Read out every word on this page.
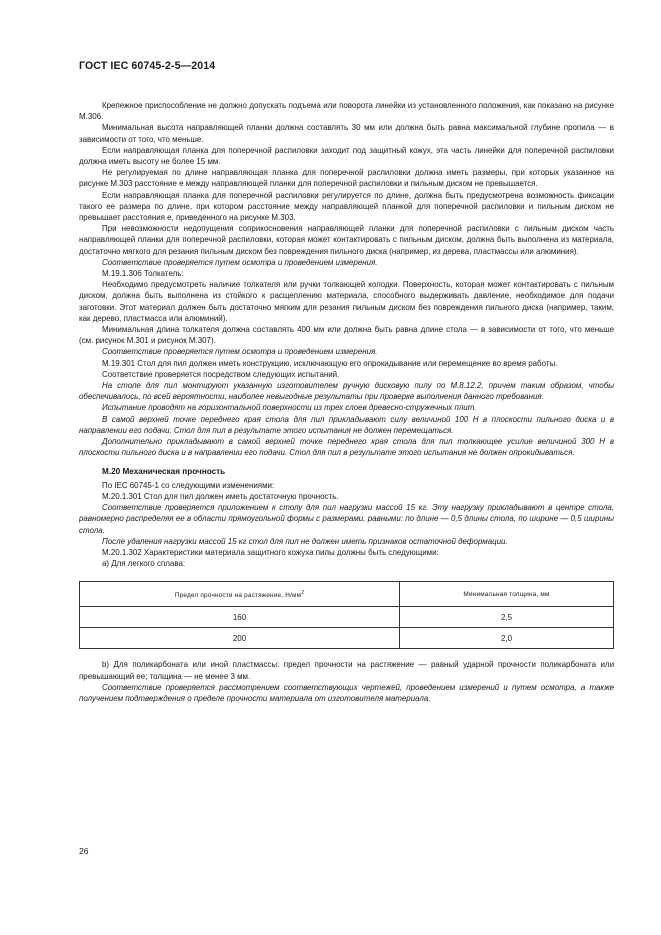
ГОСТ IEC 60745-2-5—2014

Крепежное приспособление не должно допускать подъема или поворота линейки из установленного положения, как показано на рисунке М.306.

Минимальная высота направляющей планки должна составлять 30 мм или должна быть равна максимальной глубине пропила — в зависимости от того, что меньше.

Если направляющая планка для поперечной распиловки заходит под защитный кожух, эта часть линейки для поперечной распиловки должна иметь высоту не более 15 мм.

Не регулируемая по длине направляющая планка для поперечной распиловки должна иметь размеры, при которых указанное на рисунке М.303 расстояние е между направляющей планки для поперечной распиловки и пильным диском не превышается.

Если направляющая планка для поперечной распиловки регулируется по длине, должна быть предусмотрена возможность фиксации такого ее размера по длине, при котором расстояние между направляющей планкой для поперечной распиловки и пильным диском не превышает расстояния е, приведенного на рисунке М.303.

При невозможности недопущения соприкосновения направляющей планки для поперечной распиловки с пильным диском часть направляющей планки для поперечной распиловки, которая может контактировать с пильным диском, должна быть выполнена из материала, достаточно мягкого для резания пильным диском без повреждения пильного диска (например, из дерева, пластмассы или алюминия).

Соответствие проверяется путем осмотра и проведением измерения.

М.19.1.306 Толкатель:

Необходимо предусмотреть наличие толкателя или ручки толкающей колодки. Поверхность, которая может контактировать с пильным диском, должна быть выполнена из стойкого к расщеплению материала, способного выдерживать давление, необходимое для подачи заготовки. Этот материал должен быть достаточно мягким для резания пильным диском без повреждения пильного диска (например, таким, как дерево, пластмасса или алюминий).

Минимальная длина толкателя должна составлять 400 мм или должна быть равна длине стола — в зависимости от того, что меньше (см. рисунок М.301 и рисунок М.307).

Соответствие проверяется путем осмотра и проведением измерения.

М.19.301 Стол для пил должен иметь конструкцию, исключающую его опрокидывание или перемещение во время работы.

Соответствие проверяется посредством следующих испытаний.

На столе для пил монтируют указанную изготовителем ручную дисковую пилу по М.8.12.2, причем таким образом, чтобы обеспечивалось, по всей вероятности, наиболее невыгодные результаты при проверке выполнения данного требования.

Испытание проводят на горизонтальной поверхности из трех слоев древесно-стружечных плит.

В самой верхней точке переднего края стола для пил прикладывают силу величиной 100 Н в плоскости пильного диска и в направлении его подачи. Стол для пил в результате этого испытания не должен перемещаться.

Дополнительно прикладывают в самой верхней точке переднего края стола для пил толкающее усилие величиной 300 Н в плоскости пильного диска и в направлении его подачи. Стол для пил в результате этого испытания не должен опрокидываться.

М.20 Механическая прочность

По IEC 60745-1 со следующими изменениями:

М.20.1.301 Стол для пил должен иметь достаточную прочность.

Соответствие проверяется приложением к столу для пил нагрузки массой 15 кг. Эту нагрузку прикладывают в центре стола, равномерно распределяя ее в области прямоугольной формы с размерами, равными: по длине — 0,5 длины стола, по ширине — 0,5 ширины стола.

После удаления нагрузки массой 15 кг стол для пил не должен иметь признаков остаточной деформации.

М.20.1.302 Характеристики материала защитного кожуха пилы должны быть следующими:

a) Для легкого сплава:

Предел прочности на растяжение, $Н/мм^2$	Минимальная толщина, мм
160	2,5
200	2,0

b) Для поликарбоната или иной пластмассы: предел прочности на растяжение — равный ударной прочности поликарбоната или превышающий ее; толщина — не менее 3 мм.

Соответствие проверяется рассмотрением соответствующих чертежей, проведением измерений и путем осмотра, а также получением подтверждения о пределе прочности материала от изготовителя материала.

26
